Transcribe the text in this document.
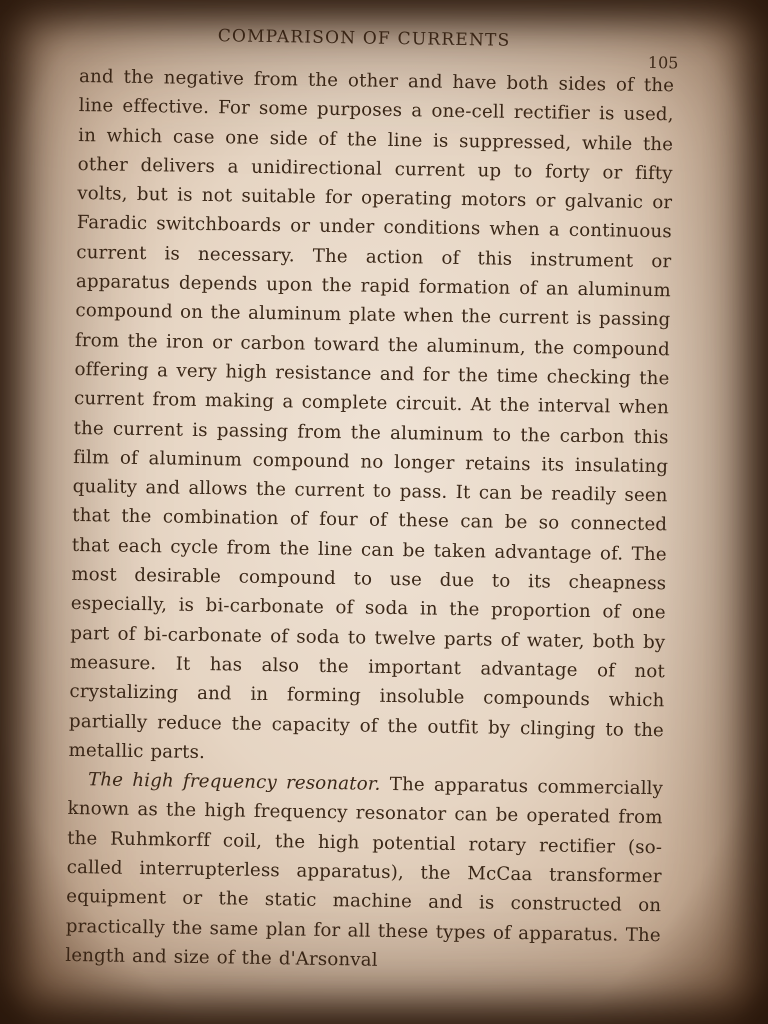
COMPARISON OF CURRENTS
105

and the negative from the other and have both sides of the line effective. For some purposes a one-cell rectifier is used, in which case one side of the line is suppressed, while the other delivers a unidirectional current up to forty or fifty volts, but is not suitable for operating motors or galvanic or Faradic switchboards or under conditions when a continuous current is necessary. The action of this instrument or apparatus depends upon the rapid formation of an aluminum compound on the aluminum plate when the current is passing from the iron or carbon toward the aluminum, the compound offering a very high resistance and for the time checking the current from making a complete circuit. At the interval when the current is passing from the aluminum to the carbon this film of aluminum compound no longer retains its insulating quality and allows the current to pass. It can be readily seen that the combination of four of these can be so connected that each cycle from the line can be taken advantage of. The most desirable compound to use due to its cheapness especially, is bi-carbonate of soda in the proportion of one part of bi-carbonate of soda to twelve parts of water, both by measure. It has also the important advantage of not crystalizing and in forming insoluble compounds which partially reduce the capacity of the outfit by clinging to the metallic parts.

The high frequency resonator. The apparatus commercially known as the high frequency resonator can be operated from the Ruhmkorff coil, the high potential rotary rectifier (so-called interrupterless apparatus), the McCaa transformer equipment or the static machine and is constructed on practically the same plan for all these types of apparatus. The length and size of the d'Arsonval
